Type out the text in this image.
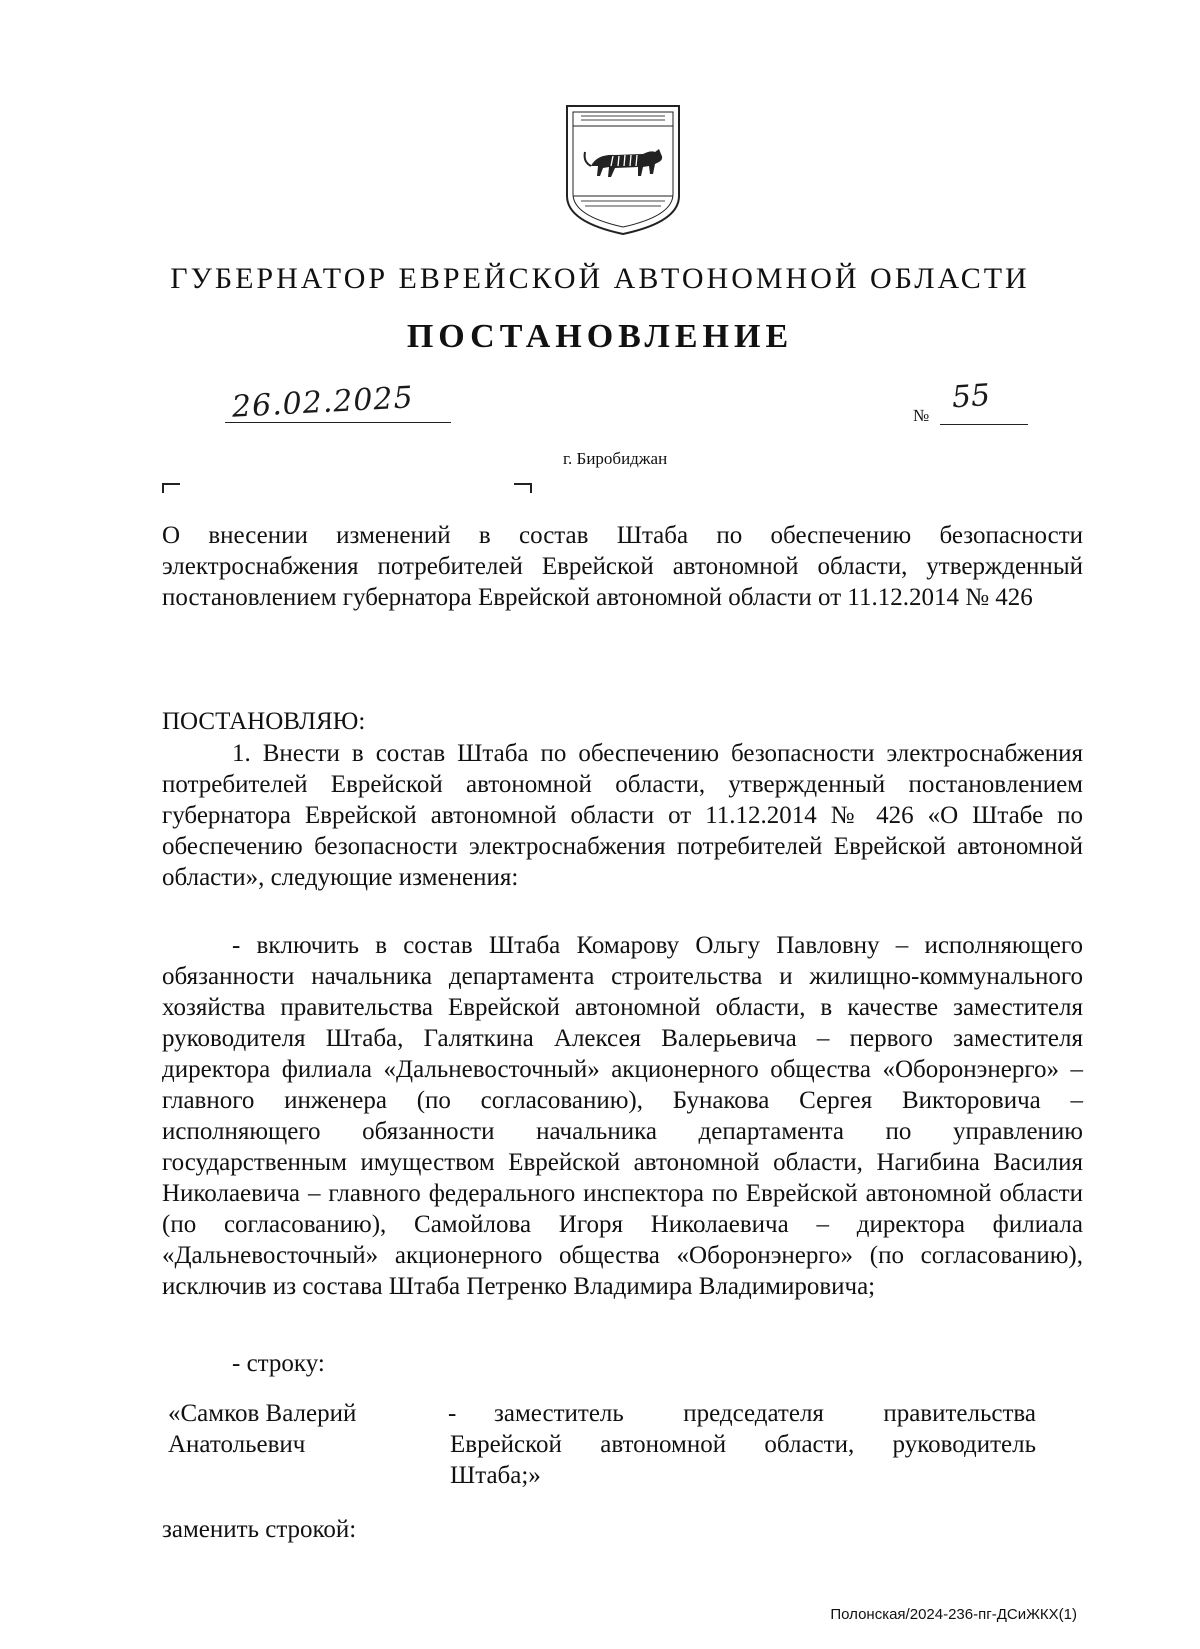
ГУБЕРНАТОР ЕВРЕЙСКОЙ АВТОНОМНОЙ ОБЛАСТИ
ПОСТАНОВЛЕНИЕ
26.02.2025	№
55
г. Биробиджан
О внесении изменений в состав Штаба по обеспечению безопасности электроснабжения потребителей Еврейской автономной области, утвержденный постановлением губернатора Еврейской автономной области от 11.12.2014 № 426
ПОСТАНОВЛЯЮ:
1. Внести в состав Штаба по обеспечению безопасности электроснабжения потребителей Еврейской автономной области, утвержденный постановлением губернатора Еврейской автономной области от 11.12.2014 № 426 «О Штабе по обеспечению безопасности электроснабжения потребителей Еврейской автономной области», следующие изменения:
- включить в состав Штаба Комарову Ольгу Павловну – исполняющего обязанности начальника департамента строительства и жилищно-коммунального хозяйства правительства Еврейской автономной области, в качестве заместителя руководителя Штаба, Галяткина Алексея Валерьевича – первого заместителя директора филиала «Дальневосточный» акционерного общества «Оборонэнерго» – главного инженера (по согласованию), Бунакова Сергея Викторовича – исполняющего обязанности начальника департамента по управлению государственным имуществом Еврейской автономной области, Нагибина Василия Николаевича – главного федерального инспектора по Еврейской автономной области (по согласованию), Самойлова Игоря Николаевича – директора филиала «Дальневосточный» акционерного общества «Оборонэнерго» (по согласованию), исключив из состава Штаба Петренко Владимира Владимировича;
- строку:
«Самков Валерий Анатольевич
-	заместитель председателя правительства Еврейской автономной области, руководитель Штаба;»
заменить строкой:
Полонская/2024-236-пг-ДСиЖКХ(1)
